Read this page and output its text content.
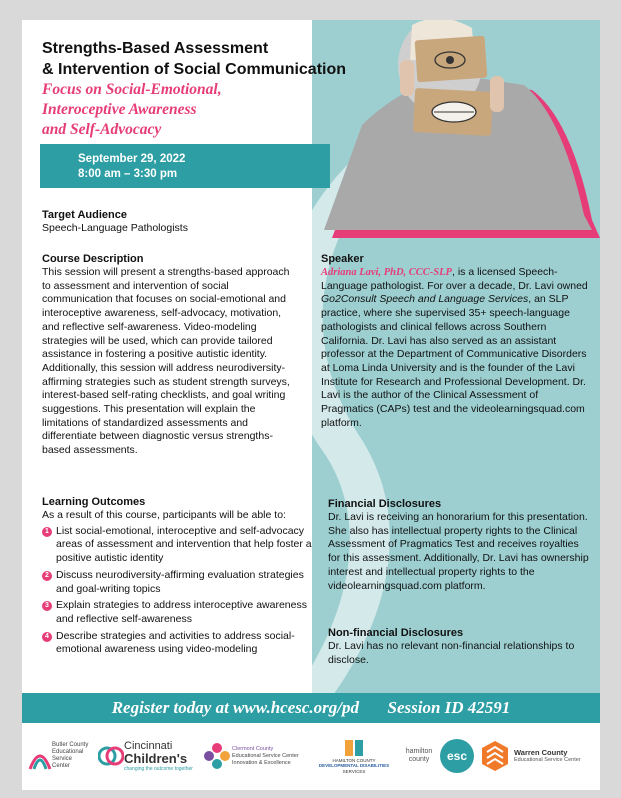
Strengths-Based Assessment
& Intervention of Social Communication
Focus on Social-Emotional,
Interoceptive Awareness
and Self-Advocacy
September 29, 2022
8:00 am – 3:30 pm
Target Audience
Speech-Language Pathologists
Course Description
This session will present a strengths-based approach to assessment and intervention of social communication that focuses on social-emotional and interoceptive awareness, self-advocacy, motivation, and reflective self-awareness. Video-modeling strategies will be used, which can provide tailored assistance in fostering a positive autistic identity. Additionally, this session will address neurodiversity-affirming strategies such as student strength surveys, interest-based self-rating checklists, and goal writing suggestions. This presentation will explain the limitations of standardized assessments and differentiate between diagnostic versus strengths-based assessments.
Speaker
Adriana Lavi, PhD, CCC-SLP, is a licensed Speech-Language pathologist. For over a decade, Dr. Lavi owned Go2Consult Speech and Language Services, an SLP practice, where she supervised 35+ speech-language pathologists and clinical fellows across Southern California. Dr. Lavi has also served as an assistant professor at the Department of Communicative Disorders at Loma Linda University and is the founder of the Lavi Institute for Research and Professional Development. Dr. Lavi is the author of the Clinical Assessment of Pragmatics (CAPs) test and the videolearningsquad.com platform.
Learning Outcomes
As a result of this course, participants will be able to:
1 List social-emotional, interoceptive and self-advocacy areas of assessment and intervention that help foster a positive autistic identity
2 Discuss neurodiversity-affirming evaluation strategies and goal-writing topics
3 Explain strategies to address interoceptive awareness and reflective self-awareness
4 Describe strategies and activities to address social-emotional awareness using video-modeling
Financial Disclosures
Dr. Lavi is receiving an honorarium for this presentation. She also has intellectual property rights to the Clinical Assessment of Pragmatics Test and receives royalties for this assessment. Additionally, Dr. Lavi has ownership interest and intellectual property rights to the videolearningsquad.com platform.
Non-financial Disclosures
Dr. Lavi has no relevant non-financial relationships to disclose.
Register today at www.hcesc.org/pd Session ID 42591
Butler County
Educational
Service
Center
Cincinnati
Children's
changing the outcome together
Clermont County
Educational Service Center
Innovation & Excellence	HAMILTON COUNTY
DEVELOPMENTAL DISABILITIES
SERVICES
hamilton
county	esc	Warren County
Educational Service Center
